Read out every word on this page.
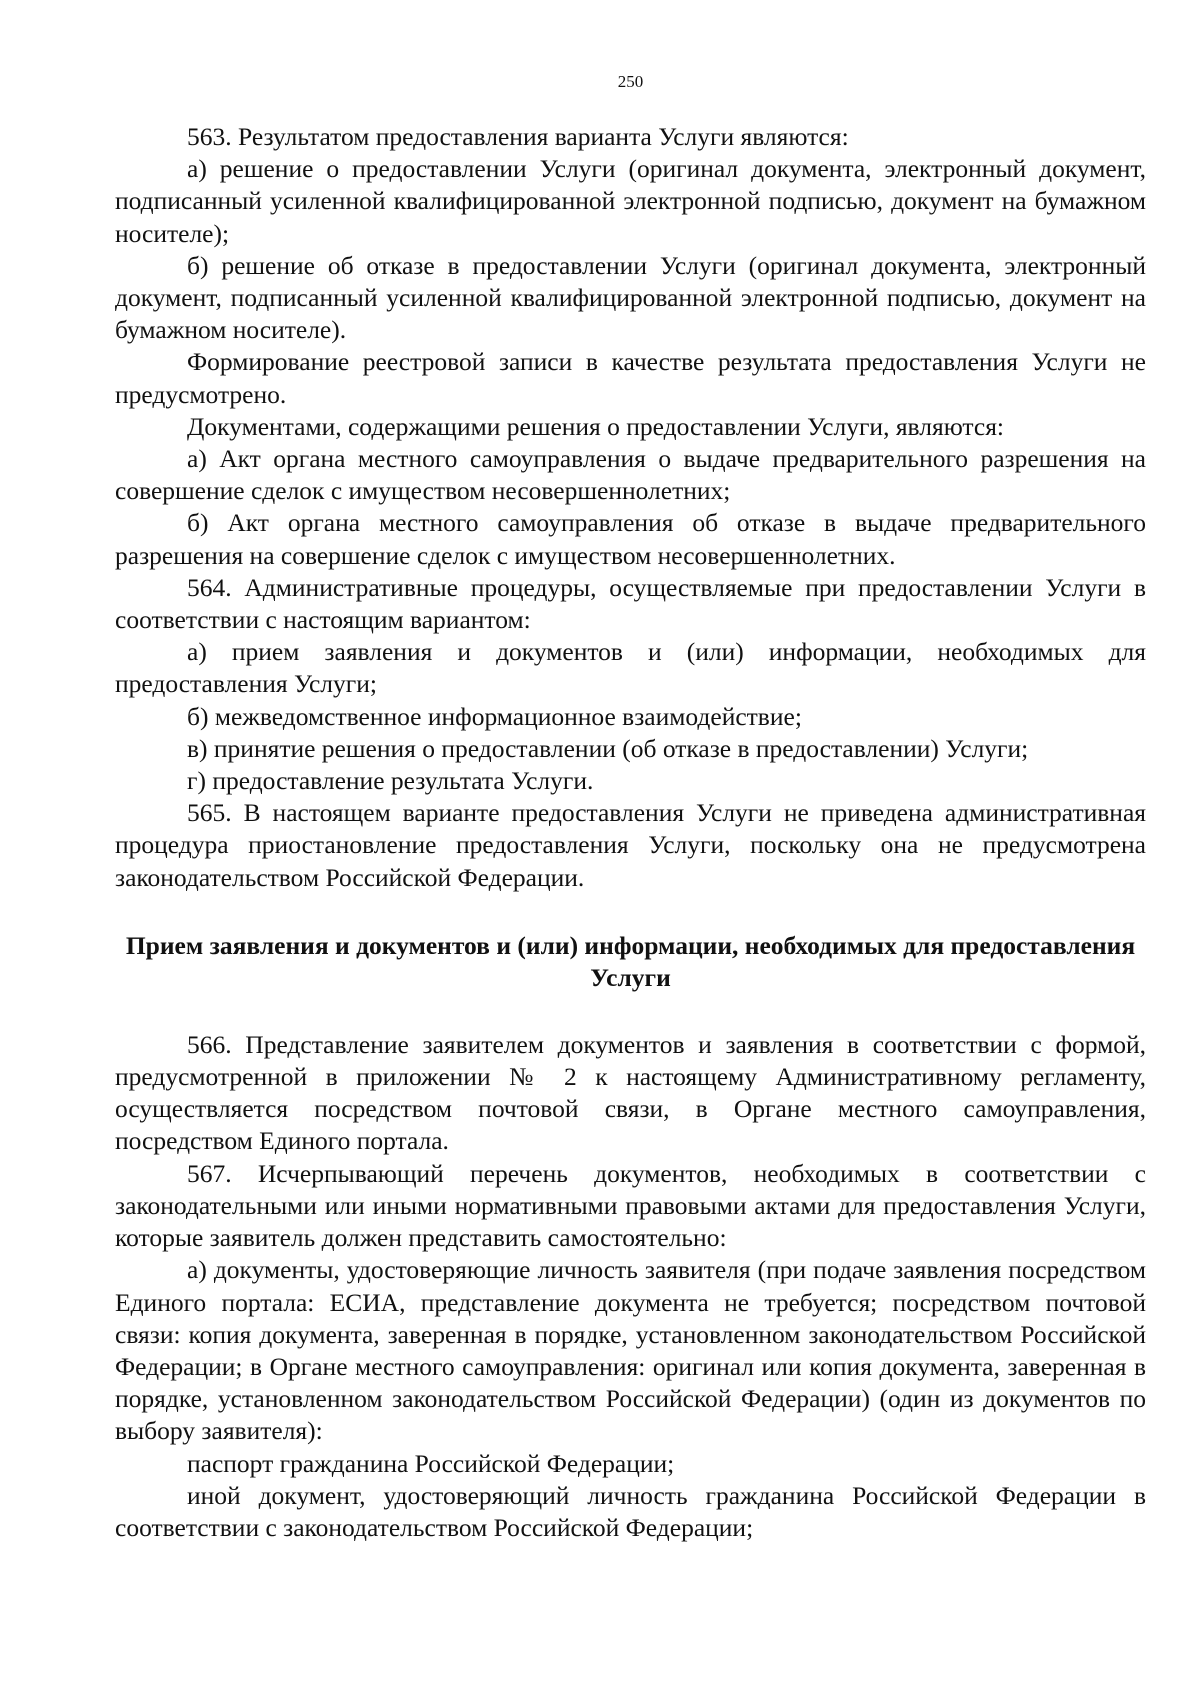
250

563. Результатом предоставления варианта Услуги являются:

а) решение о предоставлении Услуги (оригинал документа, электронный документ, подписанный усиленной квалифицированной электронной подписью, документ на бумажном носителе);

б) решение об отказе в предоставлении Услуги (оригинал документа, электронный документ, подписанный усиленной квалифицированной электронной подписью, документ на бумажном носителе).

Формирование реестровой записи в качестве результата предоставления Услуги не предусмотрено.

Документами, содержащими решения о предоставлении Услуги, являются:

а) Акт органа местного самоуправления о выдаче предварительного разрешения на совершение сделок с имуществом несовершеннолетних;

б) Акт органа местного самоуправления об отказе в выдаче предварительного разрешения на совершение сделок с имуществом несовершеннолетних.

564. Административные процедуры, осуществляемые при предоставлении Услуги в соответствии с настоящим вариантом:

а) прием заявления и документов и (или) информации, необходимых для предоставления Услуги;

б) межведомственное информационное взаимодействие;

в) принятие решения о предоставлении (об отказе в предоставлении) Услуги;

г) предоставление результата Услуги.

565. В настоящем варианте предоставления Услуги не приведена административная процедура приостановление предоставления Услуги, поскольку она не предусмотрена законодательством Российской Федерации.

Прием заявления и документов и (или) информации, необходимых для предоставления Услуги

566. Представление заявителем документов и заявления в соответствии с формой, предусмотренной в приложении № 2 к настоящему Административному регламенту, осуществляется посредством почтовой связи, в Органе местного самоуправления, посредством Единого портала.

567. Исчерпывающий перечень документов, необходимых в соответствии с законодательными или иными нормативными правовыми актами для предоставления Услуги, которые заявитель должен представить самостоятельно:

а) документы, удостоверяющие личность заявителя (при подаче заявления посредством Единого портала: ЕСИА, представление документа не требуется; посредством почтовой связи: копия документа, заверенная в порядке, установленном законодательством Российской Федерации; в Органе местного самоуправления: оригинал или копия документа, заверенная в порядке, установленном законодательством Российской Федерации) (один из документов по выбору заявителя):

паспорт гражданина Российской Федерации;

иной документ, удостоверяющий личность гражданина Российской Федерации в соответствии с законодательством Российской Федерации;
